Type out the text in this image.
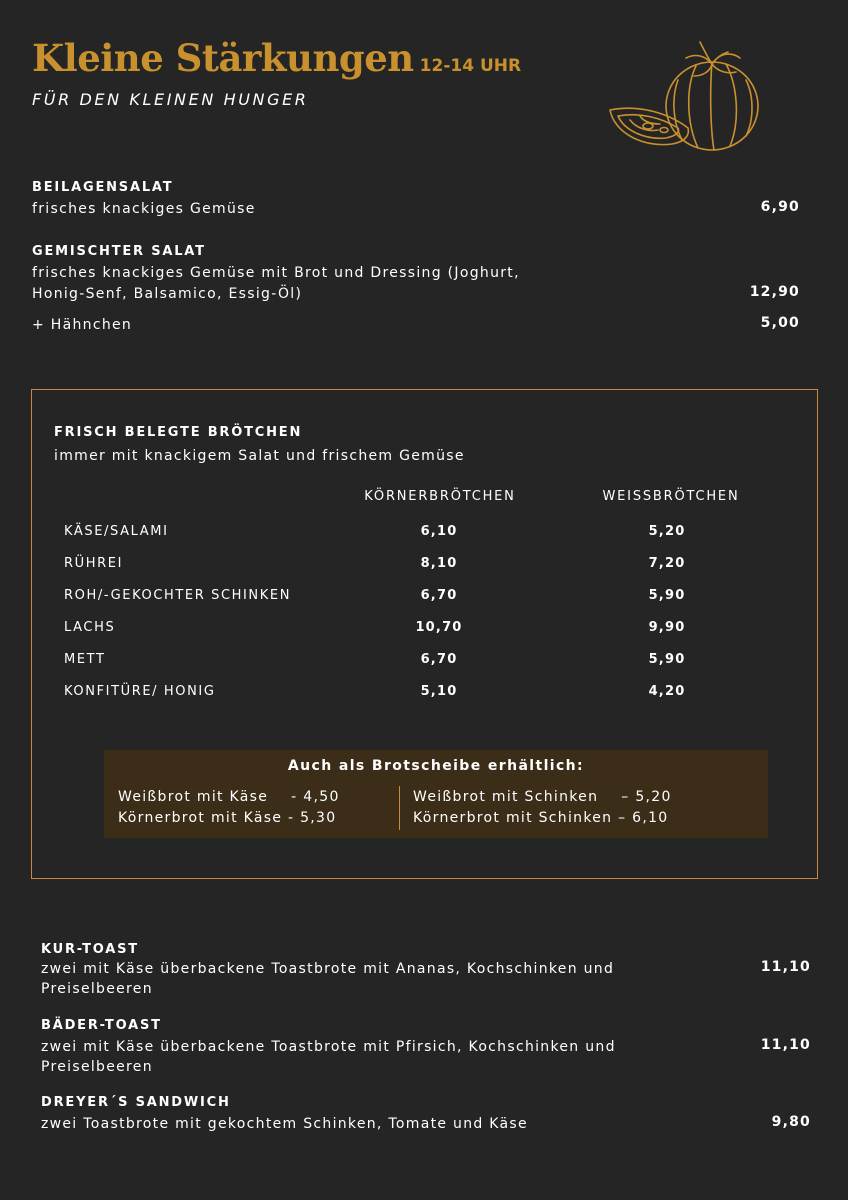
Kleine Stärkungen 12-14 UHR
FÜR DEN KLEINEN HUNGER
BEILAGENSALAT
frisches knackiges Gemüse	6,90
GEMISCHTER SALAT
frisches knackiges Gemüse mit Brot und Dressing (Joghurt,
Honig-Senf, Balsamico, Essig-Öl)	12,90
+ Hähnchen	5,00
FRISCH BELEGTE BRÖTCHEN
immer mit knackigem Salat und frischem Gemüse
KÖRNERBRÖTCHEN	WEISSBRÖTCHEN
KÄSE/SALAMI	6,10	5,20
RÜHREI	8,10	7,20
ROH/-GEKOCHTER SCHINKEN	6,70	5,90
LACHS	10,70	9,90
METT	6,70	5,90
KONFITÜRE/ HONIG	5,10	4,20
Auch als Brotscheibe erhältlich:
Weißbrot mit Käse    - 4,50
Körnerbrot mit Käse - 5,30
Weißbrot mit Schinken    – 5,20
Körnerbrot mit Schinken – 6,10
KUR-TOAST
zwei mit Käse überbackene Toastbrote mit Ananas, Kochschinken und
Preiselbeeren
11,10
BÄDER-TOAST
zwei mit Käse überbackene Toastbrote mit Pfirsich, Kochschinken und
Preiselbeeren
11,10
DREYER´S SANDWICH
zwei Toastbrote mit gekochtem Schinken, Tomate und Käse	9,80
